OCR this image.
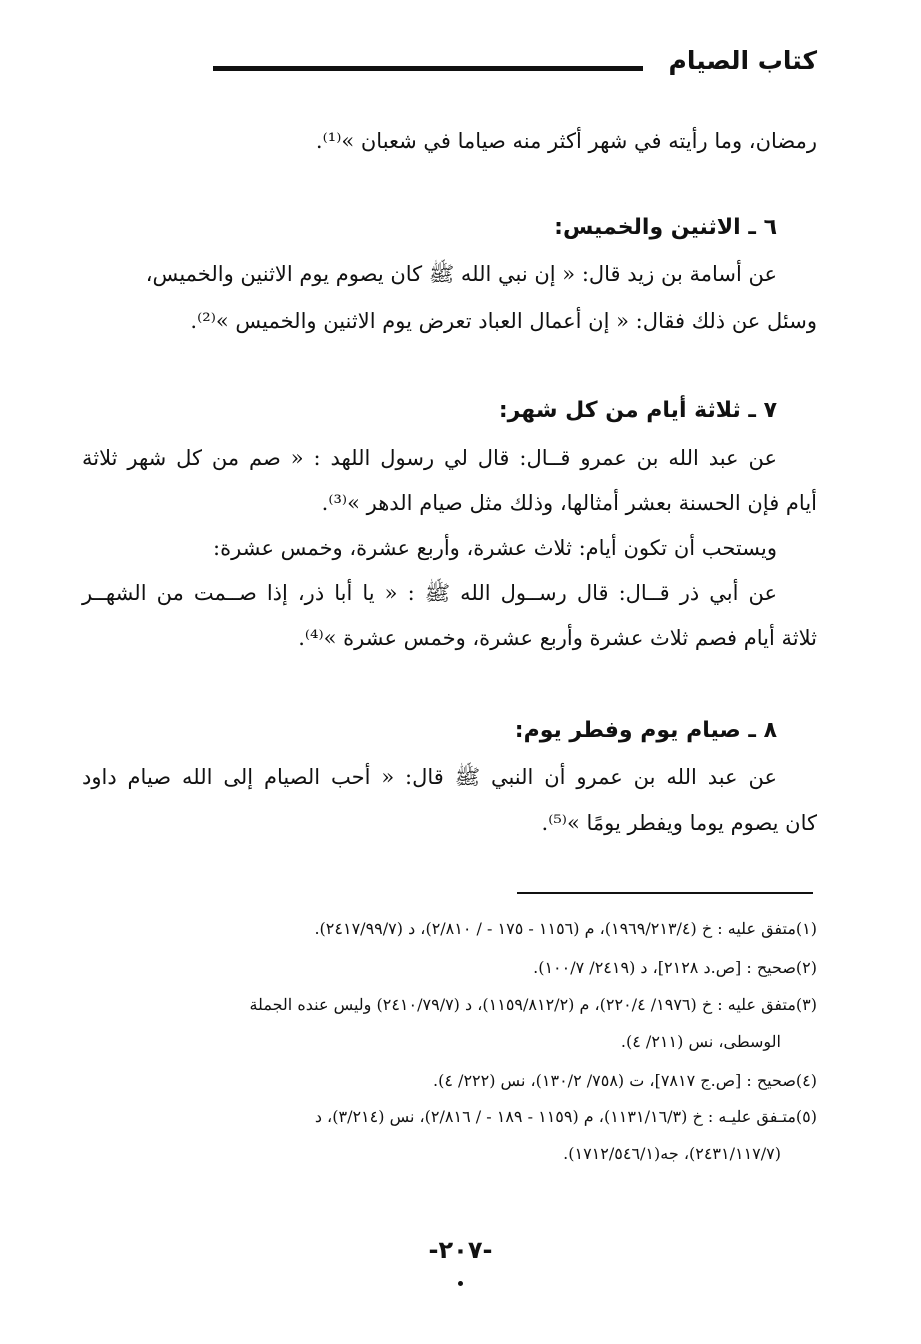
كتاب الصيام
رمضان، وما رأيته في شهر أكثر منه صياما في شعبان »⁽¹⁾.
٦ ـ الاثنين والخميس:
عن أسامة بن زيد قال: « إن نبي الله ﷺ كان يصوم يوم الاثنين والخميس،
وسئل عن ذلك فقال: « إن أعمال العباد تعرض يوم الاثنين والخميس »⁽²⁾.
٧ ـ ثلاثة أيام من كل شهر:
عن عبد الله بن عمرو قــال: قال لي رسول اللهد : « صم من كل شهر ثلاثة
أيام فإن الحسنة بعشر أمثالها، وذلك مثل صيام الدهر »⁽³⁾.
ويستحب أن تكون أيام: ثلاث عشرة، وأربع عشرة، وخمس عشرة:
عن أبي ذر قــال: قال رســول الله ﷺ : « يا أبا ذر، إذا صــمت من الشهــر
ثلاثة أيام فصم ثلاث عشرة وأربع عشرة، وخمس عشرة »⁽⁴⁾.
٨ ـ صيام يوم وفطر يوم:
عن عبد الله بن عمرو أن النبي ﷺ قال: « أحب الصيام إلى الله صيام داود
كان يصوم يوما ويفطر يومًا »⁽⁵⁾.
(١)متفق عليه : خ (١٩٦٩/٢١٣/٤)، م (١١٥٦ - ١٧٥ - / ٢/٨١٠)، د (٢٤١٧/٩٩/٧).
(٢)صحيح : [ص.د ٢١٢٨]، د (٢٤١٩/ ١٠٠/٧).
(٣)متفق عليه : خ (١٩٧٦/ ٢٢٠/٤)، م (١١٥٩/٨١٢/٢)، د (٢٤١٠/٧٩/٧) وليس عنده الجملة
الوسطى، نس (٢١١/ ٤).
(٤)صحيح : [ص.ج ٧٨١٧]، ت (٧٥٨/ ١٣٠/٢)، نس (٢٢٢/ ٤).
(٥)متـفق عليـه : خ (١١٣١/١٦/٣)، م (١١٥٩ - ١٨٩ - / ٢/٨١٦)، نس (٣/٢١٤)، د
(٢٤٣١/١١٧/٧)، جه(١٧١٢/٥٤٦/١).
-٢٠٧-
